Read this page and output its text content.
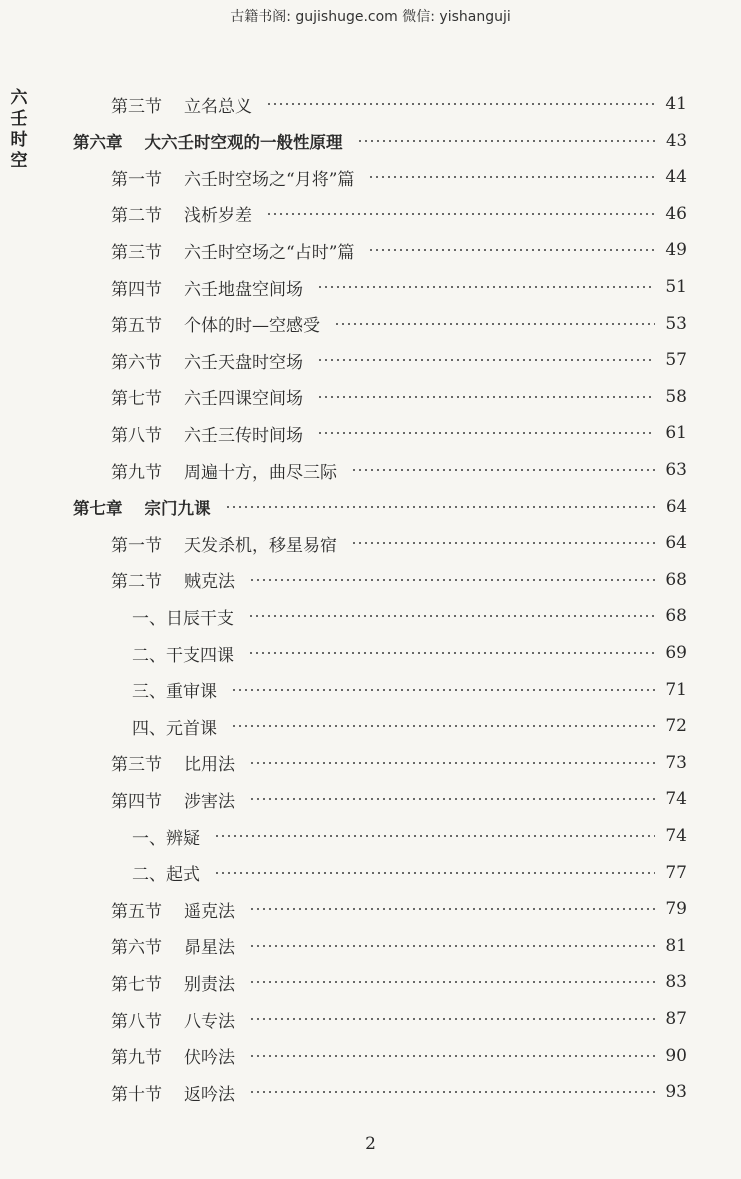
古籍书阁: gujishuge.com 微信: yishanguji
六壬时空
第三节 立名总义	41
第六章 大六壬时空观的一般性原理	43
第一节 六壬时空场之“月将”篇	44
第二节 浅析岁差	46
第三节 六壬时空场之“占时”篇	49
第四节 六壬地盘空间场	51
第五节 个体的时—空感受	53
第六节 六壬天盘时空场	57
第七节 六壬四课空间场	58
第八节 六壬三传时间场	61
第九节 周遍十方，曲尽三际	63
第七章 宗门九课	64
第一节 天发杀机，移星易宿	64
第二节 贼克法	68
一、日辰干支	68
二、干支四课	69
三、重审课	71
四、元首课	72
第三节 比用法	73
第四节 涉害法	74
一、辨疑	74
二、起式	77
第五节 遥克法	79
第六节 昴星法	81
第七节 别责法	83
第八节 八专法	87
第九节 伏吟法	90
第十节 返吟法	93
2
